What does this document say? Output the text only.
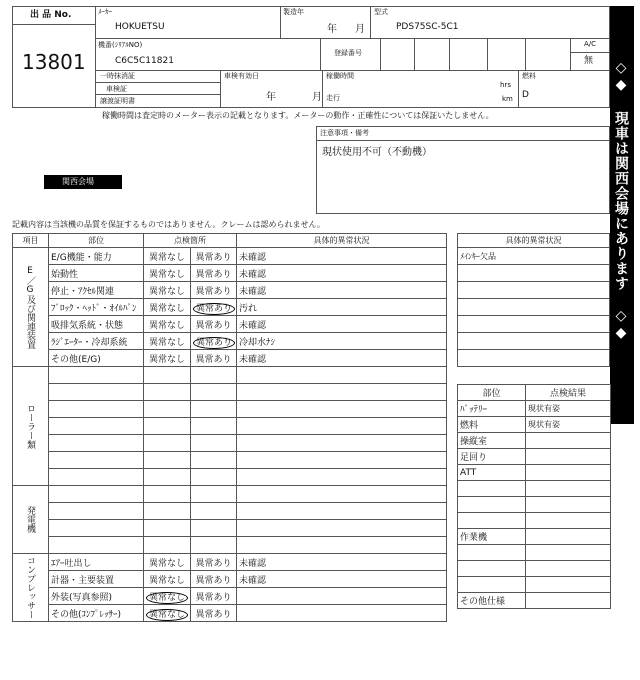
出 品 No.
13801
ﾒｰｶｰ
HOKUETSU
製造年
年 月
型式
PDS75SC-5C1
機番(ｼﾘｱﾙNO)
C6C5C11821
登録番号
A/C
無
一時抹消証
車検証
譲渡証明書
車検有効日
年	月
稼働時間
hrs
走行	km
燃料
D
稼働時間は査定時のメーター表示の記載となります。メーターの動作・正確性については保証いたしません。
注意事項・備考
現状使用不可（不動機）
関西会場
記載内容は当該機の品質を保証するものではありません。クレームは認められません。	◇◆ 現車は関西会場にあります ◇◆
項目	部位	点検箇所		具体的異常状況
E／G及び関連装置	E/G機能・能力	異常なし	異常あり	未確認
	始動性	異常なし	異常あり	未確認
	停止・ｱｸｾﾙ関連	異常なし	異常あり	未確認
	ﾌﾞﾛｯｸ・ﾍｯﾄﾞ・ｵｲﾙﾊﾟﾝ	異常なし	異常あり	汚れ
	吸排気系統・状態	異常なし	異常あり	未確認
	ﾗｼﾞｴｰﾀｰ・冷却系統	異常なし	異常あり	冷却水ﾅｼ
	その他(E/G)	異常なし	異常あり	未確認
ローラー類				

発電機				

コンプレッサー	ｴｱｰ吐出し	異常なし	異常あり	未確認
	計器・主要装置	異常なし	異常あり	未確認
	外装(写真参照)	異常なし	異常あり	
	その他(ｺﾝﾌﾟﾚｯｻｰ)	異常なし	異常あり	
具体的異常状況
ﾒｲﾝｷｰ欠品

部位	点検結果
ﾊﾞｯﾃﾘｰ	現状有姿
燃料	現状有姿
操縦室	
足回り	
ATT	

作業機	

その他仕様	
